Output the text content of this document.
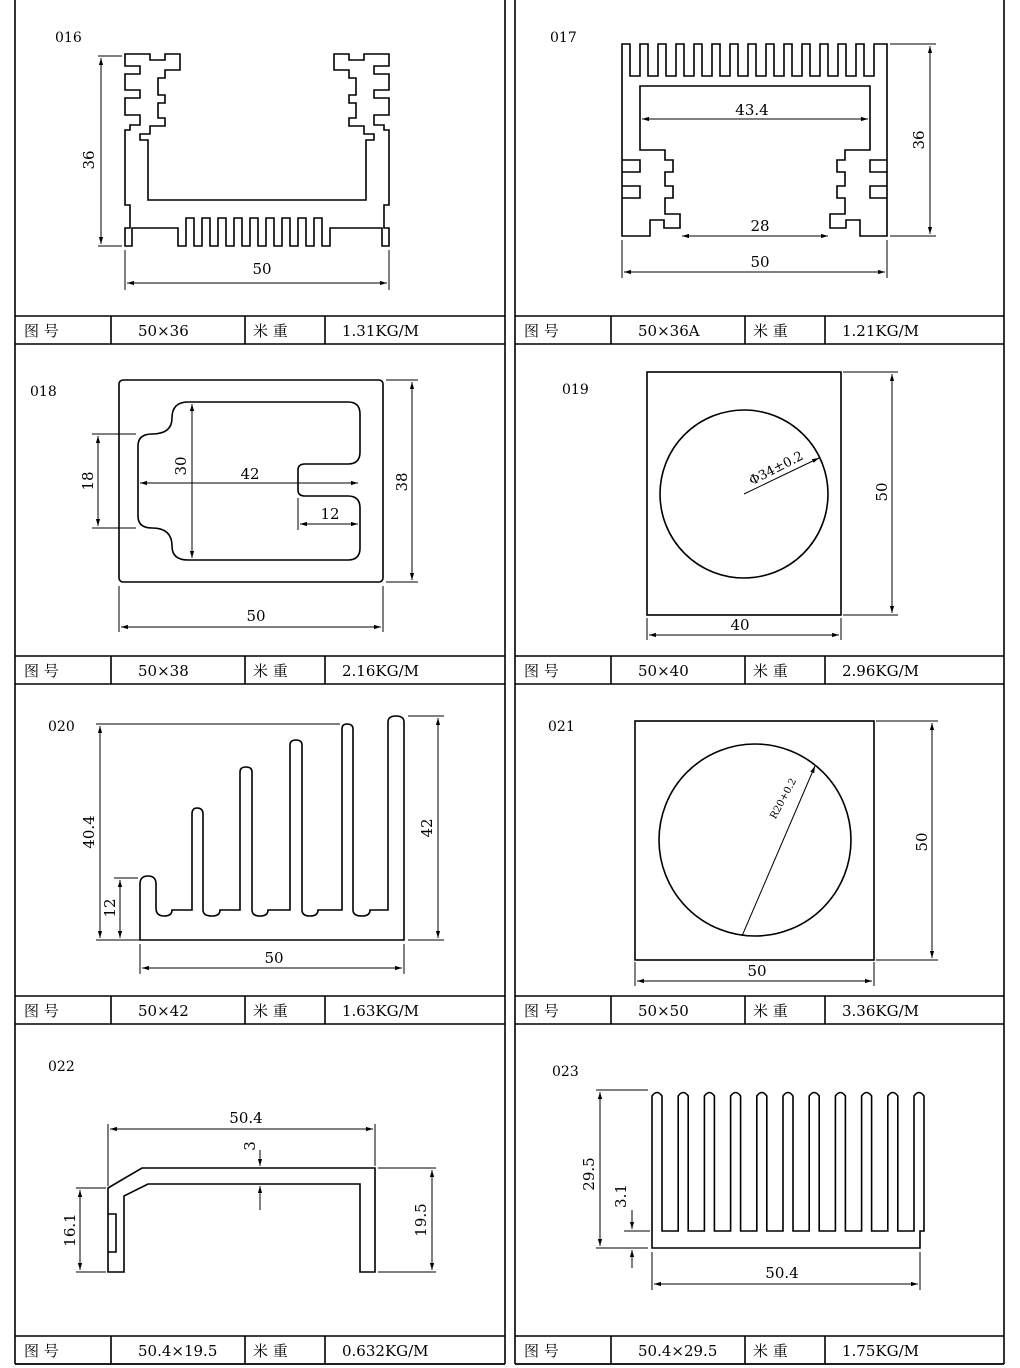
图 号	50×36	米 重	1.31KG/M	图 号	50×36A	米 重	1.21KG/M
图 号	50×38	米 重	2.16KG/M	图 号	50×40	米 重	2.96KG/M
图 号	50×42	米 重	1.63KG/M	图 号	50×50	米 重	3.36KG/M
图 号	50.4×19.5 米 重	0.632KG/M	图 号	50.4×29.5 米 重	1.75KG/M
016
36
50
017
43.4
28
50
36
018
18
30	42
12
38
50
019
Φ34±0.2
50
40
020
40.4
12
42
50
021
R20+0.2
50
50
022
50.4
3
16.1	19.5
023
29.5
3.1
50.4
